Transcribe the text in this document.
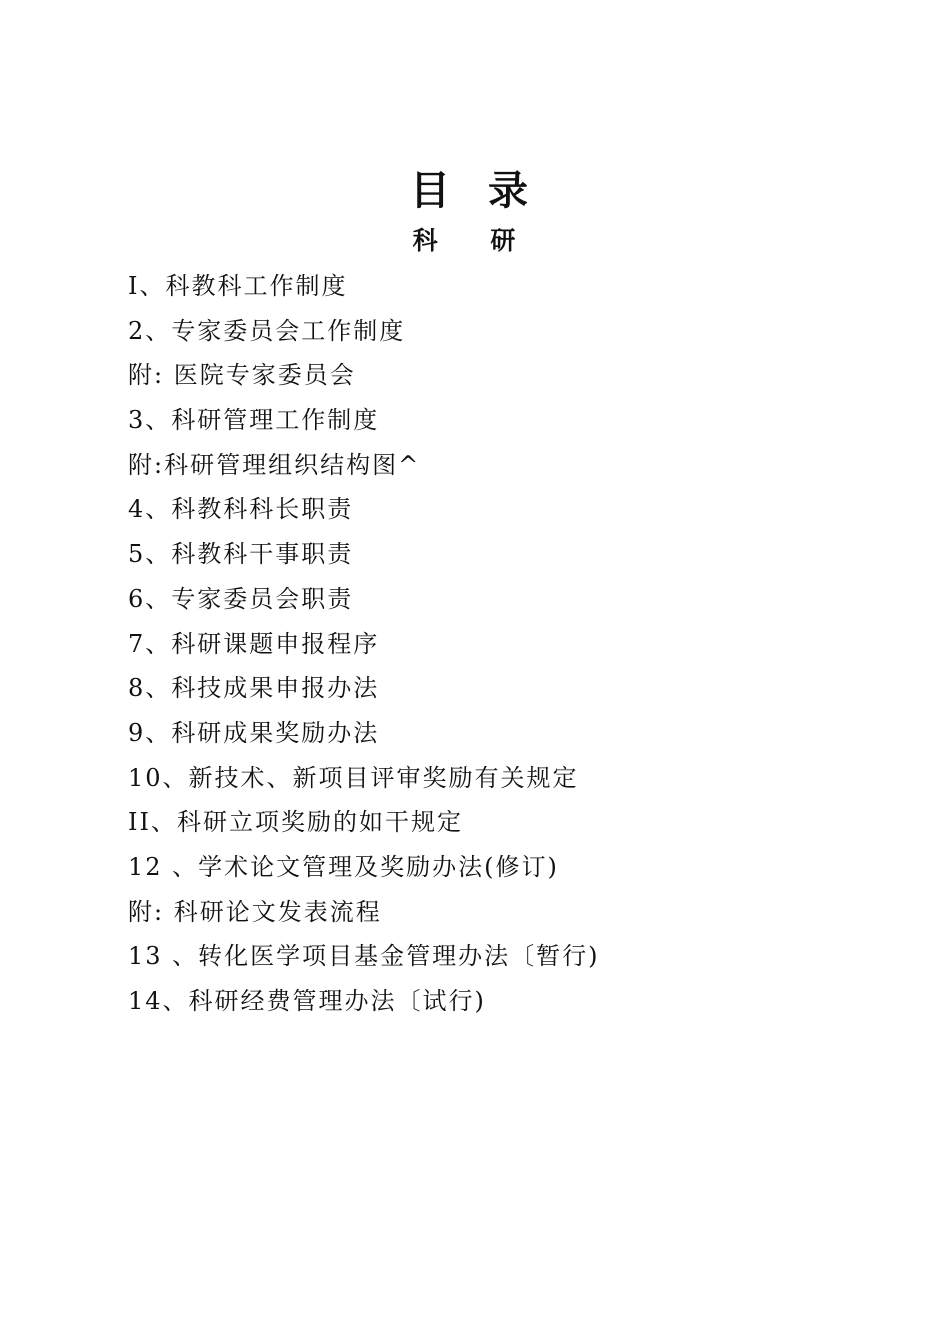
目 录
科 研
I、科教科工作制度
2、专家委员会工作制度
附: 医院专家委员会
3、科研管理工作制度
附:科研管理组织结构图^
4、科教科科长职责
5、科教科干事职责
6、专家委员会职责
7、科研课题申报程序
8、科技成果申报办法
9、科研成果奖励办法
10、新技术、新项目评审奖励有关规定
II、科研立项奖励的如干规定
12 、学术论文管理及奖励办法(修订)
附: 科研论文发表流程
13 、转化医学项目基金管理办法〔暂行)
14、科研经费管理办法〔试行)
